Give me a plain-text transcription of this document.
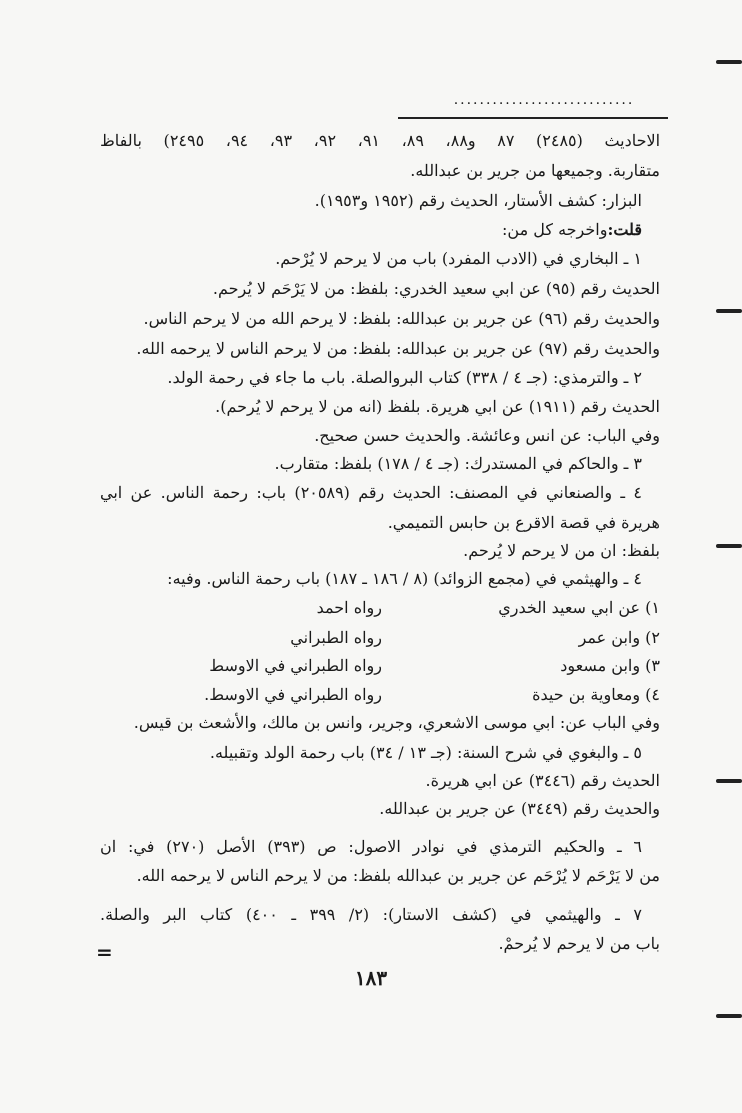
............................
الاحاديث (٢٤٨٥) ٨٧ و٨٨، ٨٩، ٩١، ٩٢، ٩٣، ٩٤، ٢٤٩٥) بالفاظ
متقاربة. وجميعها من جرير بن عبدالله.
البزار: كشف الأستار، الحديث رقم (١٩٥٢ و١٩٥٣).
قلت:واخرجه كل من:
١ ـ البخاري في (الادب المفرد) باب من لا يرحم لا يُرْحم.
الحديث رقم (٩٥) عن ابي سعيد الخدري: بلفظ: من لا يَرْحَم لا يُرحم.
والحديث رقم (٩٦) عن جرير بن عبدالله: بلفظ: لا يرحم الله من لا يرحم الناس.
والحديث رقم (٩٧) عن جرير بن عبدالله: بلفظ: من لا يرحم الناس لا يرحمه الله.
٢ ـ والترمذي: (جـ ٤ / ٣٣٨) كتاب البروالصلة. باب ما جاء في رحمة الولد.
الحديث رقم (١٩١١) عن ابي هريرة. بلفظ (انه من لا يرحم لا يُرحم).
وفي الباب: عن انس وعائشة. والحديث حسن صحيح.
٣ ـ والحاكم في المستدرك: (جـ ٤ / ١٧٨) بلفظ: متقارب.
٤ ـ والصنعاني في المصنف: الحديث رقم (٢٠٥٨٩) باب: رحمة الناس. عن ابي
هريرة في قصة الاقرع بن حابس التميمي.
بلفظ: ان من لا يرحم لا يُرحم.
٤ ـ والهيثمي في (مجمع الزوائد) (٨ / ١٨٦ ـ ١٨٧) باب رحمة الناس. وفيه:
١) عن ابي سعيد الخدري
رواه احمد
٢) وابن عمر
رواه الطبراني
٣) وابن مسعود
رواه الطبراني في الاوسط
٤) ومعاوية بن حيدة
رواه الطبراني في الاوسط.
وفي الباب عن: ابي موسى الاشعري، وجرير، وانس بن مالك، والأشعث بن قيس.
٥ ـ والبغوي في شرح السنة: (جـ ١٣ / ٣٤) باب رحمة الولد وتقبيله.
الحديث رقم (٣٤٤٦) عن ابي هريرة.
والحديث رقم (٣٤٤٩) عن جرير بن عبدالله.
٦ ـ والحكيم الترمذي في نوادر الاصول: ص (٣٩٣) الأصل (٢٧٠) في: ان
من لا يَرْحَم لا يُرْحَم عن جرير بن عبدالله بلفظ: من لا يرحم الناس لا يرحمه الله.
٧ ـ والهيثمي في (كشف الاستار): (٢/ ٣٩٩ ـ ٤٠٠) كتاب البر والصلة.
باب من لا يرحم لا يُرحمْ.
=
١٨٣
